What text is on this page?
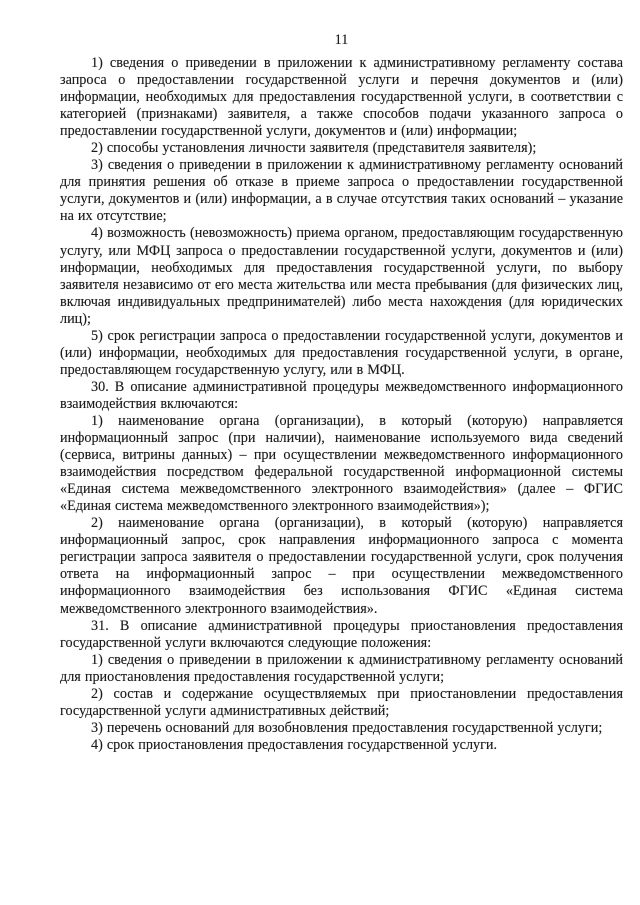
11

1) сведения о приведении в приложении к административному регламенту состава запроса о предоставлении государственной услуги и перечня документов и (или) информации, необходимых для предоставления государственной услуги, в соответствии с категорией (признаками) заявителя, а также способов подачи указанного запроса о предоставлении государственной услуги, документов и (или) информации;

2) способы установления личности заявителя (представителя заявителя);

3) сведения о приведении в приложении к административному регламенту оснований для принятия решения об отказе в приеме запроса о предоставлении государственной услуги, документов и (или) информации, а в случае отсутствия таких оснований – указание на их отсутствие;

4) возможность (невозможность) приема органом, предоставляющим государственную услугу, или МФЦ запроса о предоставлении государственной услуги, документов и (или) информации, необходимых для предоставления государственной услуги, по выбору заявителя независимо от его места жительства или места пребывания (для физических лиц, включая индивидуальных предпринимателей) либо места нахождения (для юридических лиц);

5) срок регистрации запроса о предоставлении государственной услуги, документов и (или) информации, необходимых для предоставления государственной услуги, в органе, предоставляющем государственную услугу, или в МФЦ.

30. В описание административной процедуры межведомственного информационного взаимодействия включаются:

1) наименование органа (организации), в который (которую) направляется информационный запрос (при наличии), наименование используемого вида сведений (сервиса, витрины данных) – при осуществлении межведомственного информационного взаимодействия посредством федеральной государственной информационной системы «Единая система межведомственного электронного взаимодействия» (далее – ФГИС «Единая система межведомственного электронного взаимодействия»);

2) наименование органа (организации), в который (которую) направляется информационный запрос, срок направления информационного запроса с момента регистрации запроса заявителя о предоставлении государственной услуги, срок получения ответа на информационный запрос – при осуществлении межведомственного информационного взаимодействия без использования ФГИС «Единая система межведомственного электронного взаимодействия».

31. В описание административной процедуры приостановления предоставления государственной услуги включаются следующие положения:

1) сведения о приведении в приложении к административному регламенту оснований для приостановления предоставления государственной услуги;

2) состав и содержание осуществляемых при приостановлении предоставления государственной услуги административных действий;

3) перечень оснований для возобновления предоставления государственной услуги;

4) срок приостановления предоставления государственной услуги.
